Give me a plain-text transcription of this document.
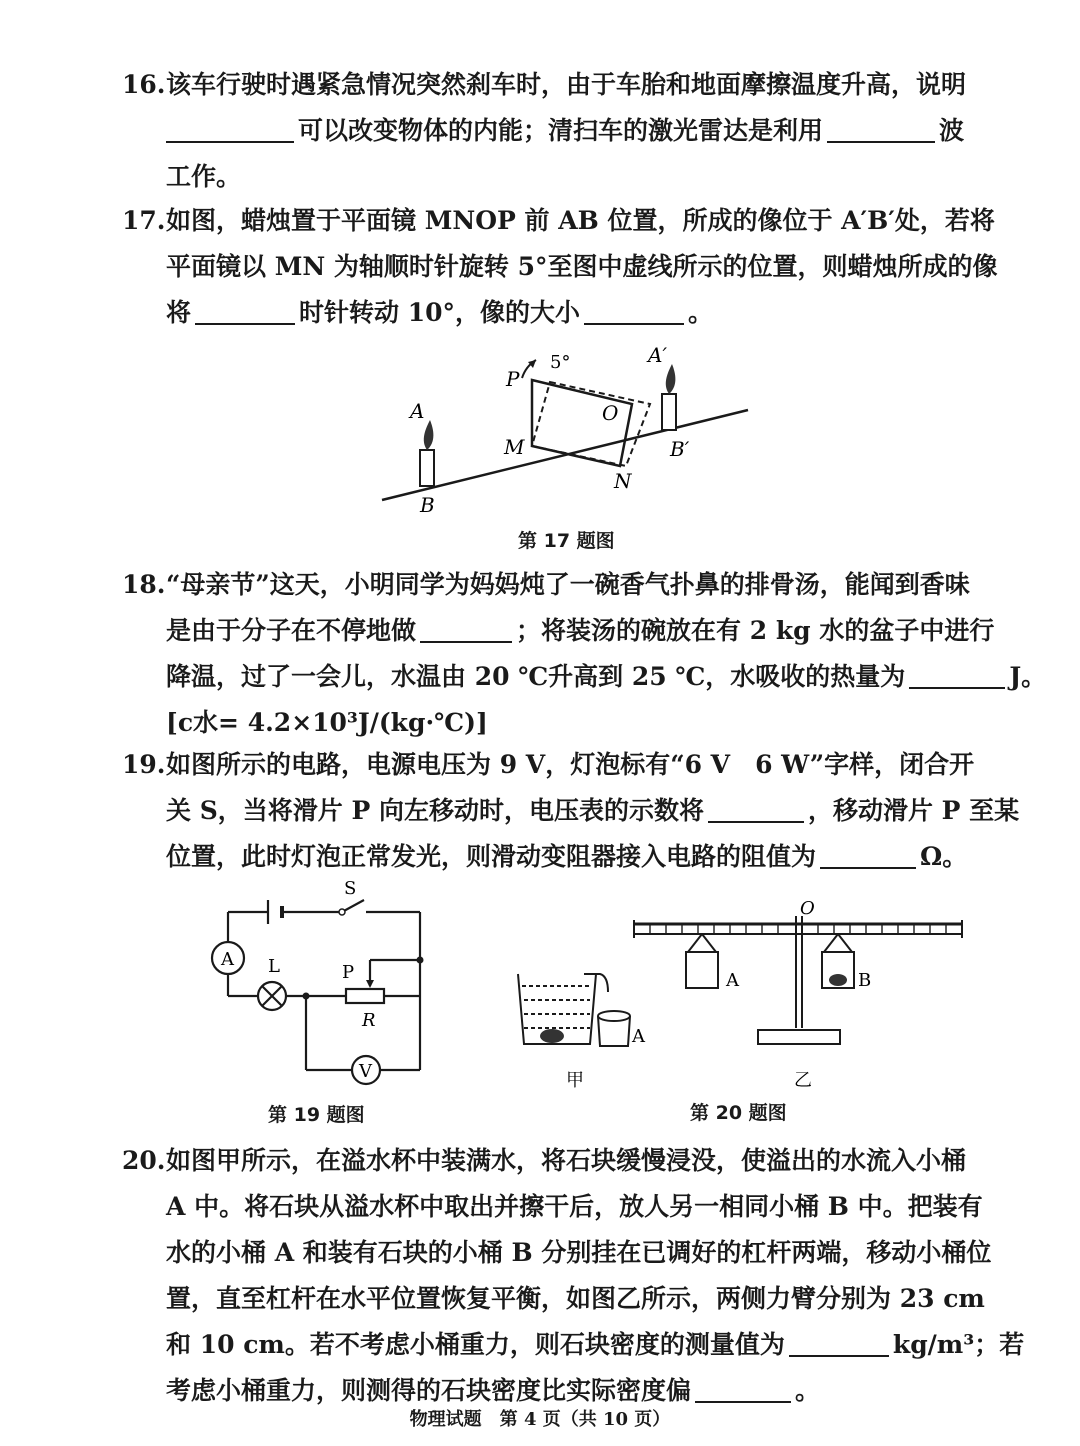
16.该车行驶时遇紧急情况突然刹车时，由于车胎和地面摩擦温度升高，说明
可以改变物体的内能；清扫车的激光雷达是利用	波
工作。
17.如图，蜡烛置于平面镜 MNOP 前 AB 位置，所成的像位于 A′B′处，若将
平面镜以 MN 为轴顺时针旋转 5°至图中虚线所示的位置，则蜡烛所成的像
将	时针转动 10°，像的大小	。
A
B
A′
B′
P
5°
O
M
N
第 17 题图
18.“母亲节”这天，小明同学为妈妈炖了一碗香气扑鼻的排骨汤，能闻到香味
是由于分子在不停地做	；将装汤的碗放在有 2 kg 水的盆子中进行
降温，过了一会儿，水温由 20 ℃升高到 25 ℃，水吸收的热量为	J。
[c水= 4.2×10³J/(kg·℃)]
19.如图所示的电路，电源电压为 9 V，灯泡标有“6 V　6 W”字样，闭合开
关 S，当将滑片 P 向左移动时，电压表的示数将	，移动滑片 P 至某
位置，此时灯泡正常发光，则滑动变阻器接入电路的阻值为	Ω。
A
V
L
S
P
R
第 19 题图
A
A	B
O
甲	乙
第 20 题图
20.如图甲所示，在溢水杯中装满水，将石块缓慢浸没，使溢出的水流入小桶
A 中。将石块从溢水杯中取出并擦干后，放人另一相同小桶 B 中。把装有
水的小桶 A 和装有石块的小桶 B 分别挂在已调好的杠杆两端，移动小桶位
置，直至杠杆在水平位置恢复平衡，如图乙所示，两侧力臂分别为 23 cm
和 10 cm。若不考虑小桶重力，则石块密度的测量值为	kg/m³；若
考虑小桶重力，则测得的石块密度比实际密度偏	。
物理试题　第 4 页（共 10 页）
